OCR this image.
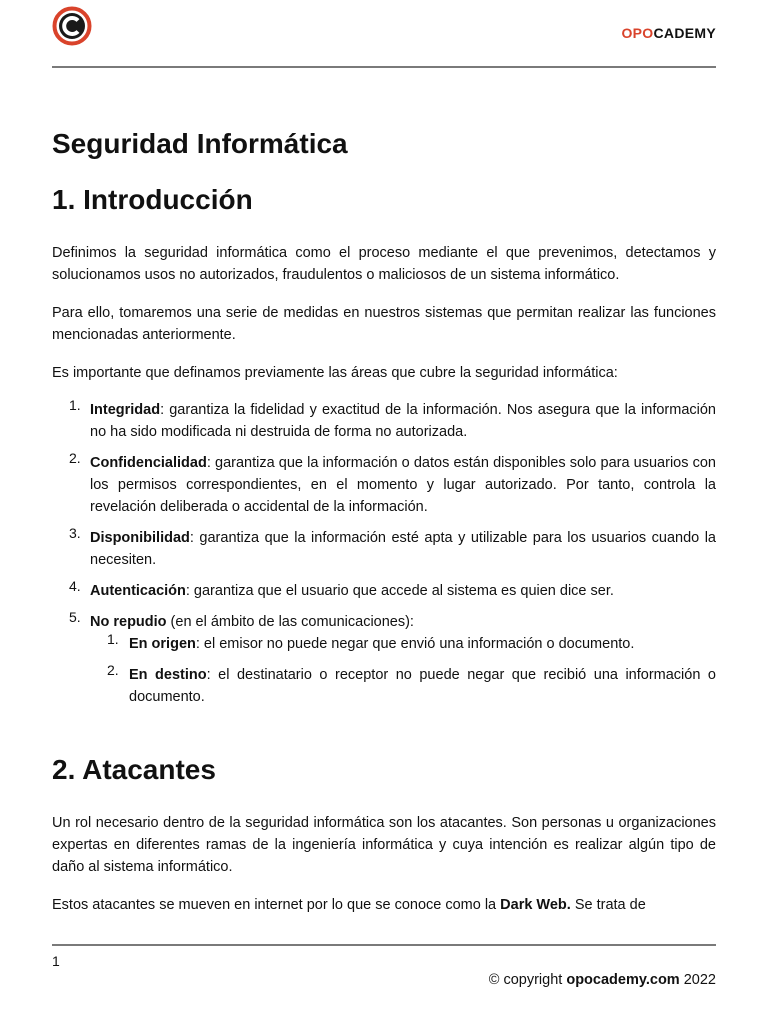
OPOCADEMY
Seguridad Informática
1. Introducción

Definimos la seguridad informática como el proceso mediante el que prevenimos, detectamos y solucionamos usos no autorizados, fraudulentos o maliciosos de un sistema informático.

Para ello, tomaremos una serie de medidas en nuestros sistemas que permitan realizar las funciones mencionadas anteriormente.

Es importante que definamos previamente las áreas que cubre la seguridad informática:

1. Integridad: garantiza la fidelidad y exactitud de la información. Nos asegura que la información no ha sido modificada ni destruida de forma no autorizada.
2. Confidencialidad: garantiza que la información o datos están disponibles solo para usuarios con los permisos correspondientes, en el momento y lugar autorizado. Por tanto, controla la revelación deliberada o accidental de la información.
3. Disponibilidad: garantiza que la información esté apta y utilizable para los usuarios cuando la necesiten.
4. Autenticación: garantiza que el usuario que accede al sistema es quien dice ser.
5. No repudio (en el ámbito de las comunicaciones):
1. En origen: el emisor no puede negar que envió una información o documento.
2. En destino: el destinatario o receptor no puede negar que recibió una información o documento.
2. Atacantes

Un rol necesario dentro de la seguridad informática son los atacantes. Son personas u organizaciones expertas en diferentes ramas de la ingeniería informática y cuya intención es realizar algún tipo de daño al sistema informático.

Estos atacantes se mueven en internet por lo que se conoce como la Dark Web. Se trata de

1
© copyright opocademy.com 2022
